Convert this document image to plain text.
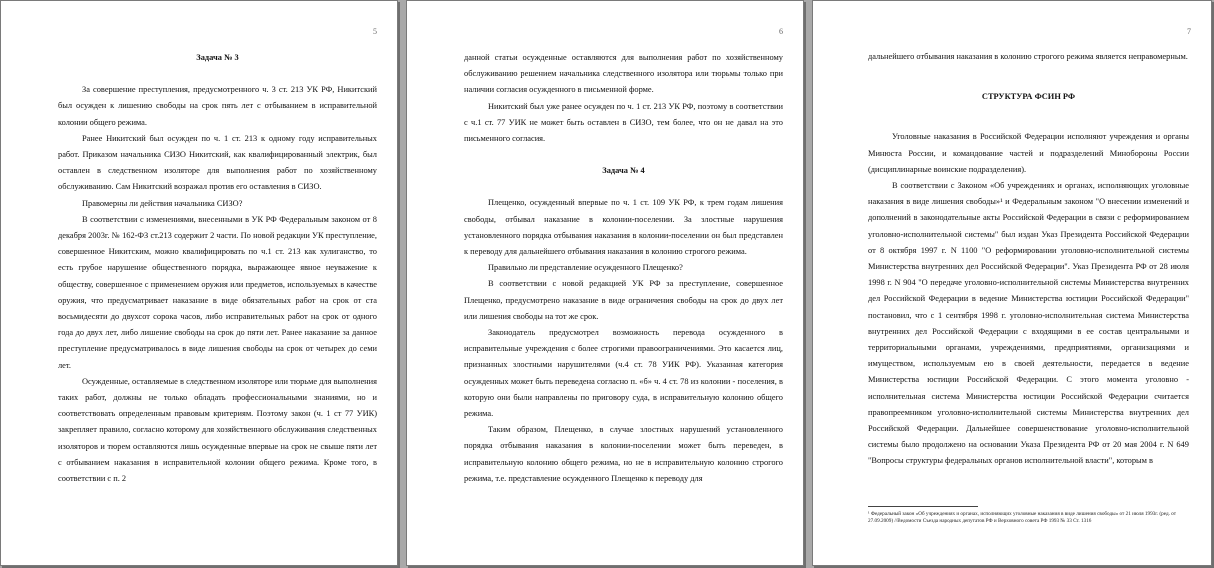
5

Задача № 3

За совершение преступления, предусмотренного ч. 3 ст. 213 УК РФ, Никитский был осужден к лишению свободы на срок пять лет с отбыванием в исправительной колонии общего режима.

Ранее Никитский был осужден по ч. 1 ст. 213 к одному году исправительных работ. Приказом начальника СИЗО Никитский, как квалифицированный электрик, был оставлен в следственном изоляторе для выполнения работ по хозяйственному обслуживанию. Сам Никитский возражал против его оставления в СИЗО.

Правомерны ли действия начальника СИЗО?

В соответствии с изменениями, внесенными в УК РФ Федеральным законом от 8 декабря 2003г. № 162-ФЗ ст.213 содержит 2 части. По новой редакции УК преступление, совершенное Никитским, можно квалифицировать по ч.1 ст. 213 как хулиганство, то есть грубое нарушение общественного порядка, выражающее явное неуважение к обществу, совершенное с применением оружия или предметов, используемых в качестве оружия, что предусматривает наказание в виде обязательных работ на срок от ста восьмидесяти до двухсот сорока часов, либо исправительных работ на срок от одного года до двух лет, либо лишение свободы на срок до пяти лет. Ранее наказание за данное преступление предусматривалось в виде лишения свободы на срок от четырех до семи лет.

Осужденные, оставляемые в следственном изоляторе или тюрьме для выполнения таких работ, должны не только обладать профессиональными знаниями, но и соответствовать определенным правовым критериям. Поэтому закон (ч. 1 ст 77 УИК) закрепляет правило, согласно которому для хозяйственного обслуживания следственных изоляторов и тюрем оставляются лишь осужденные впервые на срок не свыше пяти лет с отбыванием наказания в исправительной колонии общего режима. Кроме того, в соответствии с п. 2

6

данной статьи осужденные оставляются для выполнения работ по хозяйственному обслуживанию решением начальника следственного изолятора или тюрьмы только при наличии согласия осужденного в письменной форме.

Никитский был уже ранее осужден по ч. 1 ст. 213 УК РФ, поэтому в соответствии с ч.1 ст. 77 УИК не может быть оставлен в СИЗО, тем более, что он не давал на это письменного согласия.

Задача № 4

Плещенко, осужденный впервые по ч. 1 ст. 109 УК РФ, к трем годам лишения свободы, отбывал наказание в колонии-поселении. За злостные нарушения установленного порядка отбывания наказания в колонии-поселении он был представлен к переводу для дальнейшего отбывания наказания в колонию строгого режима.

Правильно ли представление осужденного Плещенко?

В соответствии с новой редакцией УК РФ за преступление, совершенное Плещенко, предусмотрено наказание в виде ограничения свободы на срок до двух лет или лишения свободы на тот же срок.

Законодатель предусмотрел возможность перевода осужденного в исправительные учреждения с более строгими правоограничениями. Это касается лиц, признанных злостными нарушителями (ч.4 ст. 78 УИК РФ). Указанная категория осужденных может быть переведена согласно п. «б» ч. 4 ст. 78 из колонии - поселения, в которую они были направлены по приговору суда, в исправительную колонию общего режима.

Таким образом, Плещенко, в случае злостных нарушений установленного порядка отбывания наказания в колонии-поселении может быть переведен, в исправительную колонию общего режима, но не в исправительную колонию строгого режима, т.е. представление осужденного Плещенко к переводу для

7

дальнейшего отбывания наказания в колонию строгого режима является неправомерным.

СТРУКТУРА ФСИН РФ

Уголовные наказания в Российской Федерации исполняют учреждения и органы Минюста России, и командование частей и подразделений Минобороны России (дисциплинарные воинские подразделения).

В соответствии с Законом «Об учреждениях и органах, исполняющих уголовные наказания в виде лишения свободы»¹ и Федеральным законом "О внесении изменений и дополнений в законодательные акты Российской Федерации в связи с реформированием уголовно-исполнительной системы" был издан Указ Президента Российской Федерации от 8 октября 1997 г. N 1100 "О реформировании уголовно-исполнительной системы Министерства внутренних дел Российской Федерации". Указ Президента РФ от 28 июля 1998 г. N 904 "О передаче уголовно-исполнительной системы Министерства внутренних дел Российской Федерации в ведение Министерства юстиции Российской Федерации" постановил, что с 1 сентября 1998 г. уголовно-исполнительная система Министерства внутренних дел Российской Федерации с входящими в ее состав центральными и территориальными органами, учреждениями, предприятиями, организациями и имуществом, используемым ею в своей деятельности, передается в ведение Министерства юстиции Российской Федерации. С этого момента уголовно - исполнительная система Министерства юстиции Российской Федерации считается правопреемником уголовно-исполнительной системы Министерства внутренних дел Российской Федерации. Дальнейшее совершенствование уголовно-исполнительной системы было продолжено на основании Указа Президента РФ от 20 мая 2004 г. N 649 "Вопросы структуры федеральных органов исполнительной власти", которым в

¹ Федеральный закон «Об учреждениях и органах, исполняющих уголовные наказания в виде лишения свободы» от 21 июля 1993г. (ред. от 27.09.2009) //Ведомости Съезда народных депутатов РФ и Верховного совета РФ 1993 № 33 Ст. 1316
